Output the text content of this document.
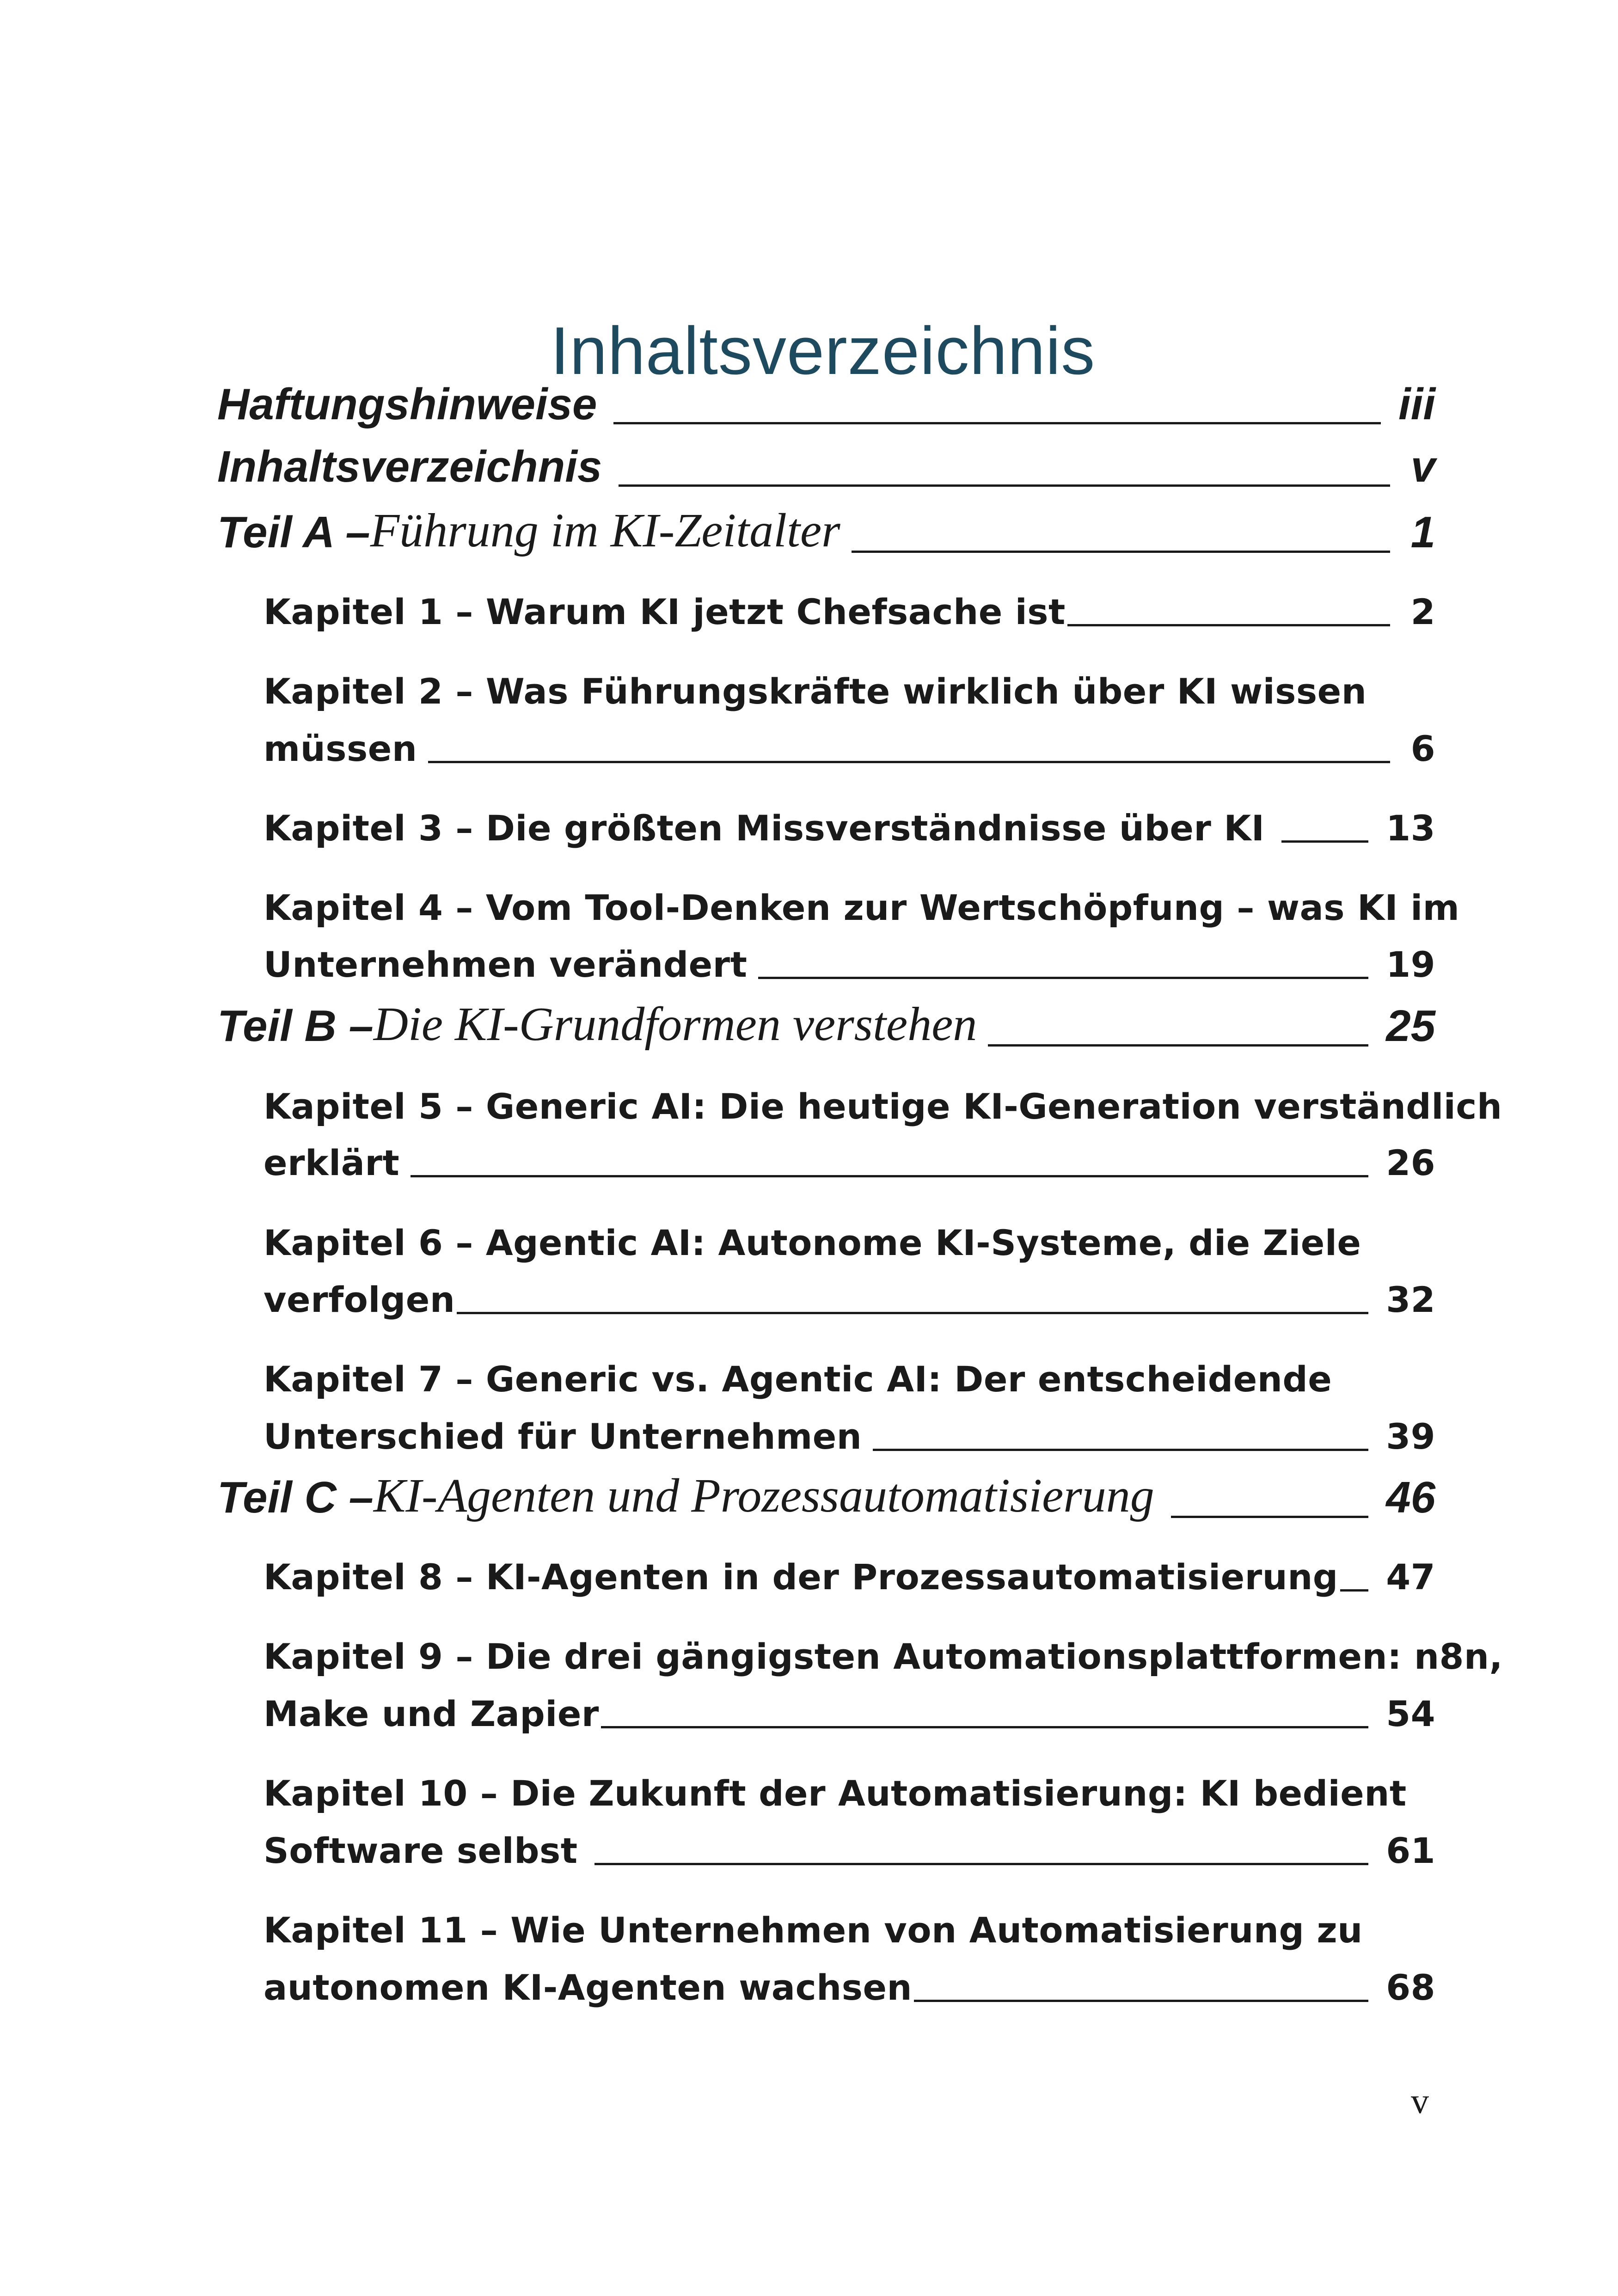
Inhaltsverzeichnis
Haftungshinweise	iii
Inhaltsverzeichnis	v
Teil A – Führung im KI-Zeitalter	1
Kapitel 1 – Warum KI jetzt Chefsache ist	2
Kapitel 2 – Was Führungskräfte wirklich über KI wissen
müssen	6
Kapitel 3 – Die größten Missverständnisse über KI	13
Kapitel 4 – Vom Tool-Denken zur Wertschöpfung – was KI im
Unternehmen verändert	19
Teil B – Die KI-Grundformen verstehen	25
Kapitel 5 – Generic AI: Die heutige KI-Generation verständlich
erklärt	26
Kapitel 6 – Agentic AI: Autonome KI-Systeme, die Ziele
verfolgen	32
Kapitel 7 – Generic vs. Agentic AI: Der entscheidende
Unterschied für Unternehmen	39
Teil C – KI-Agenten und Prozessautomatisierung	46
Kapitel 8 – KI-Agenten in der Prozessautomatisierung 47
Kapitel 9 – Die drei gängigsten Automationsplattformen: n8n,
Make und Zapier	54
Kapitel 10 – Die Zukunft der Automatisierung: KI bedient
Software selbst	61
Kapitel 11 – Wie Unternehmen von Automatisierung zu
autonomen KI-Agenten wachsen	68
v
